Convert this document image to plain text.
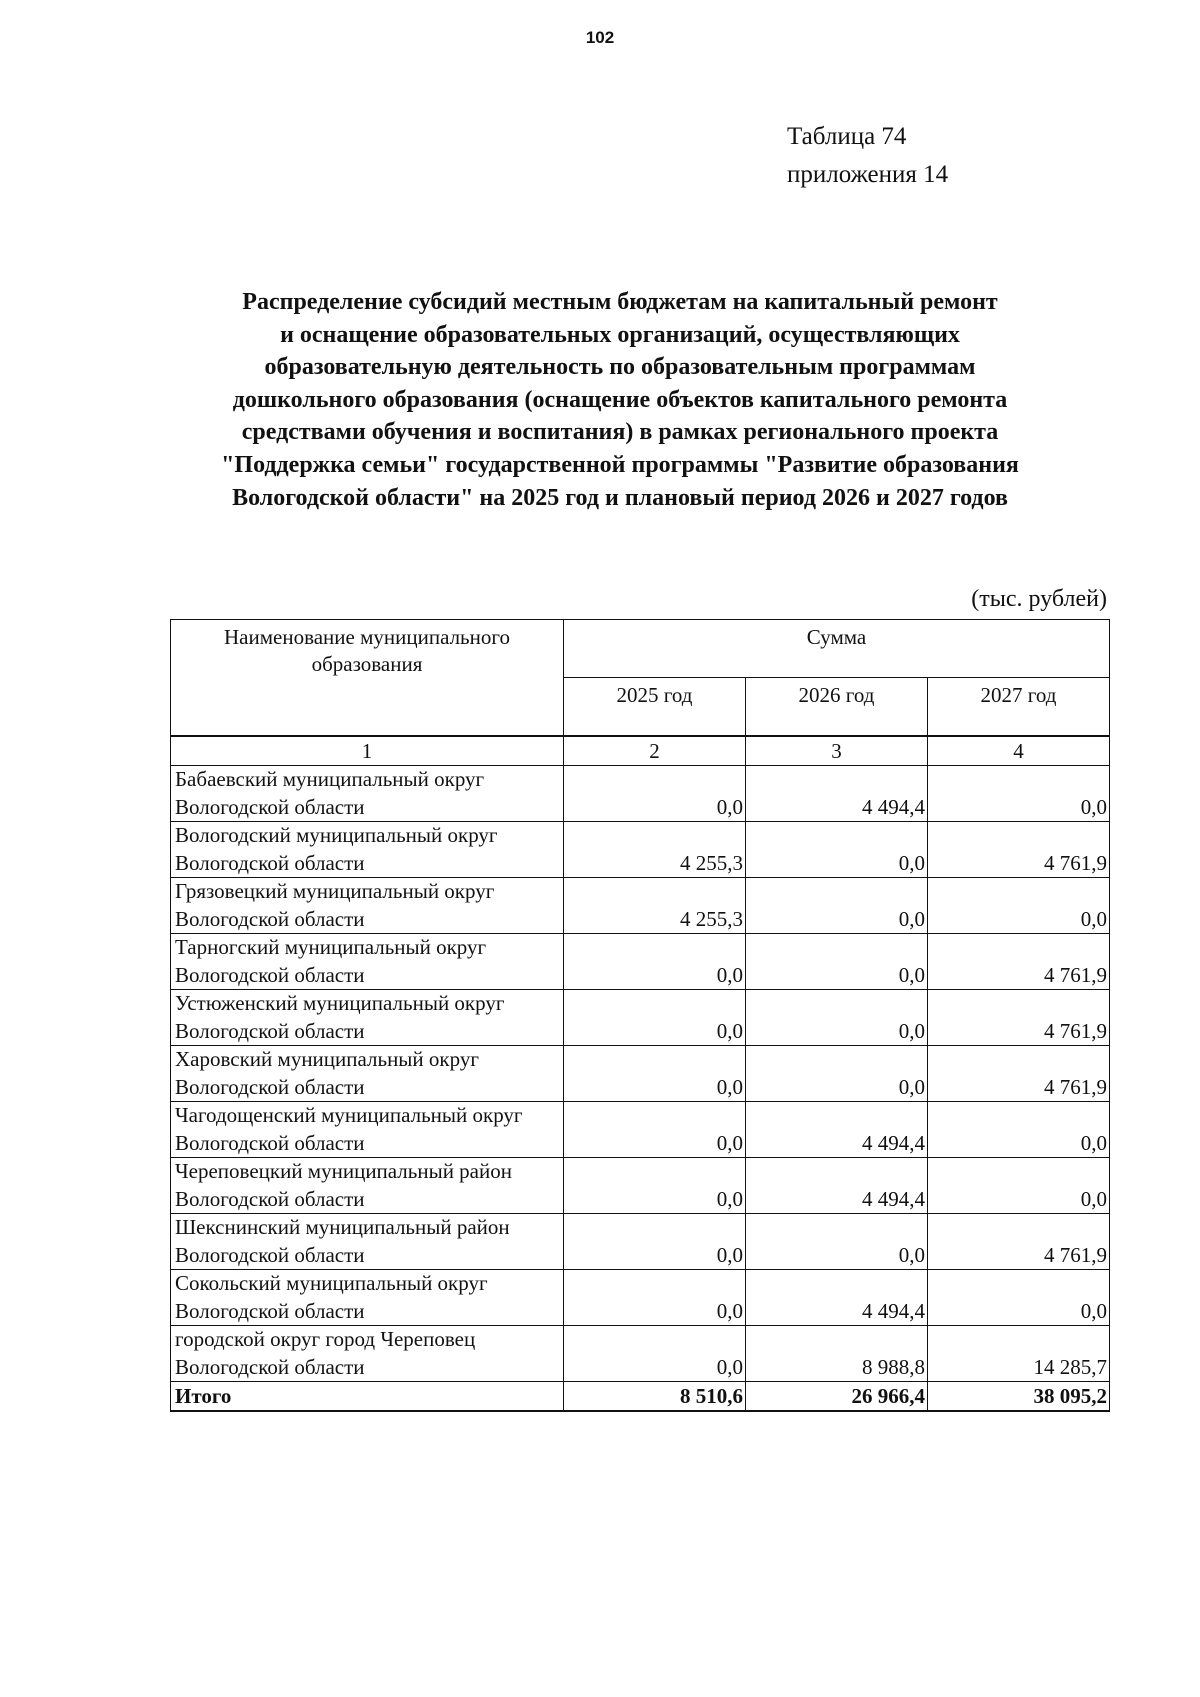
102
Таблица 74
приложения 14
Распределение субсидий местным бюджетам на капитальный ремонт
и оснащение образовательных организаций, осуществляющих
образовательную деятельность по образовательным программам
дошкольного образования (оснащение объектов капитального ремонта
средствами обучения и воспитания) в рамках регионального проекта
"Поддержка семьи" государственной программы "Развитие образования
Вологодской области" на 2025 год и плановый период 2026 и 2027 годов
(тыс. рублей)
Наименование муниципального образования	Сумма		
	2025 год	2026 год	2027 год
1	2	3	4

Бабаевский муниципальный округ
Вологодской области	0,0	4 494,4	0,0

Вологодский муниципальный округ
Вологодской области	4 255,3	0,0	4 761,9

Грязовецкий муниципальный округ
Вологодской области	4 255,3	0,0	0,0

Тарногский муниципальный округ
Вологодской области	0,0	0,0	4 761,9

Устюженский муниципальный округ
Вологодской области	0,0	0,0	4 761,9

Харовский муниципальный округ
Вологодской области	0,0	0,0	4 761,9

Чагодощенский муниципальный округ
Вологодской области	0,0	4 494,4	0,0

Череповецкий муниципальный район
Вологодской области	0,0	4 494,4	0,0

Шекснинский муниципальный район
Вологодской области	0,0	0,0	4 761,9

Сокольский муниципальный округ
Вологодской области	0,0	4 494,4	0,0

городской округ город Череповец
Вологодской области	0,0	8 988,8	14 285,7
Итого	8 510,6	26 966,4	38 095,2
